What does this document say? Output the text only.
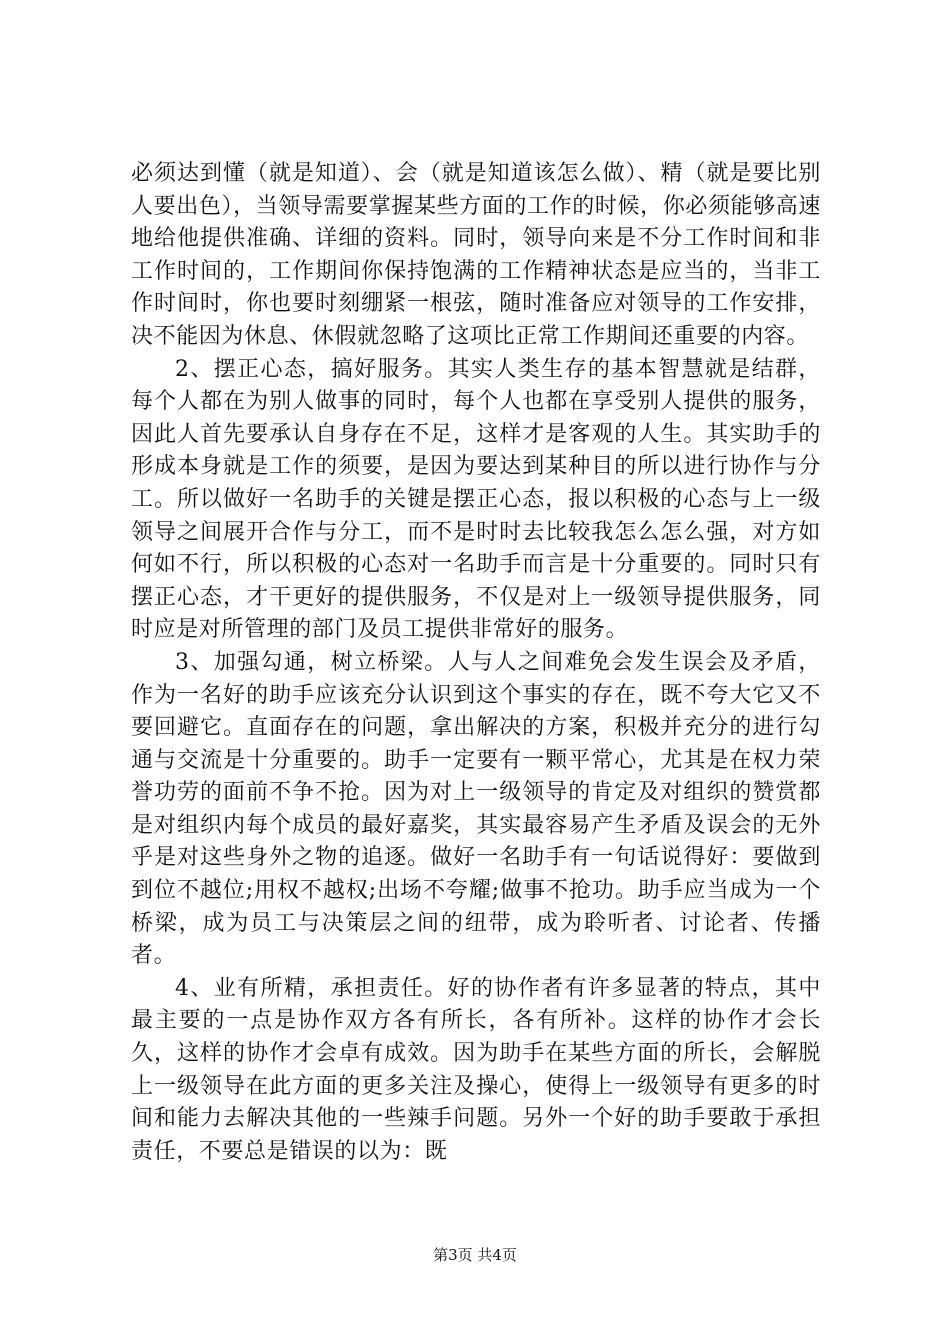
必须达到懂（就是知道）、会（就是知道该怎么做）、精（就是要比别人要出色），当领导需要掌握某些方面的工作的时候，你必须能够高速地给他提供准确、详细的资料。同时，领导向来是不分工作时间和非工作时间的，工作期间你保持饱满的工作精神状态是应当的，当非工作时间时，你也要时刻绷紧一根弦，随时准备应对领导的工作安排，决不能因为休息、休假就忽略了这项比正常工作期间还重要的内容。

2、摆正心态，搞好服务。其实人类生存的基本智慧就是结群，每个人都在为别人做事的同时，每个人也都在享受别人提供的服务，因此人首先要承认自身存在不足，这样才是客观的人生。其实助手的形成本身就是工作的须要，是因为要达到某种目的所以进行协作与分工。所以做好一名助手的关键是摆正心态，报以积极的心态与上一级领导之间展开合作与分工，而不是时时去比较我怎么怎么强，对方如何如不行，所以积极的心态对一名助手而言是十分重要的。同时只有摆正心态，才干更好的提供服务，不仅是对上一级领导提供服务，同时应是对所管理的部门及员工提供非常好的服务。

3、加强勾通，树立桥梁。人与人之间难免会发生误会及矛盾，作为一名好的助手应该充分认识到这个事实的存在，既不夸大它又不要回避它。直面存在的问题，拿出解决的方案，积极并充分的进行勾通与交流是十分重要的。助手一定要有一颗平常心，尤其是在权力荣誉功劳的面前不争不抢。因为对上一级领导的肯定及对组织的赞赏都是对组织内每个成员的最好嘉奖，其实最容易产生矛盾及误会的无外乎是对这些身外之物的追逐。做好一名助手有一句话说得好：要做到到位不越位;用权不越权;出场不夸耀;做事不抢功。助手应当成为一个桥梁，成为员工与决策层之间的纽带，成为聆听者、讨论者、传播者。

4、业有所精，承担责任。好的协作者有许多显著的特点，其中最主要的一点是协作双方各有所长，各有所补。这样的协作才会长久，这样的协作才会卓有成效。因为助手在某些方面的所长，会解脱上一级领导在此方面的更多关注及操心，使得上一级领导有更多的时间和能力去解决其他的一些辣手问题。另外一个好的助手要敢于承担责任，不要总是错误的以为：既

第3页 共4页
